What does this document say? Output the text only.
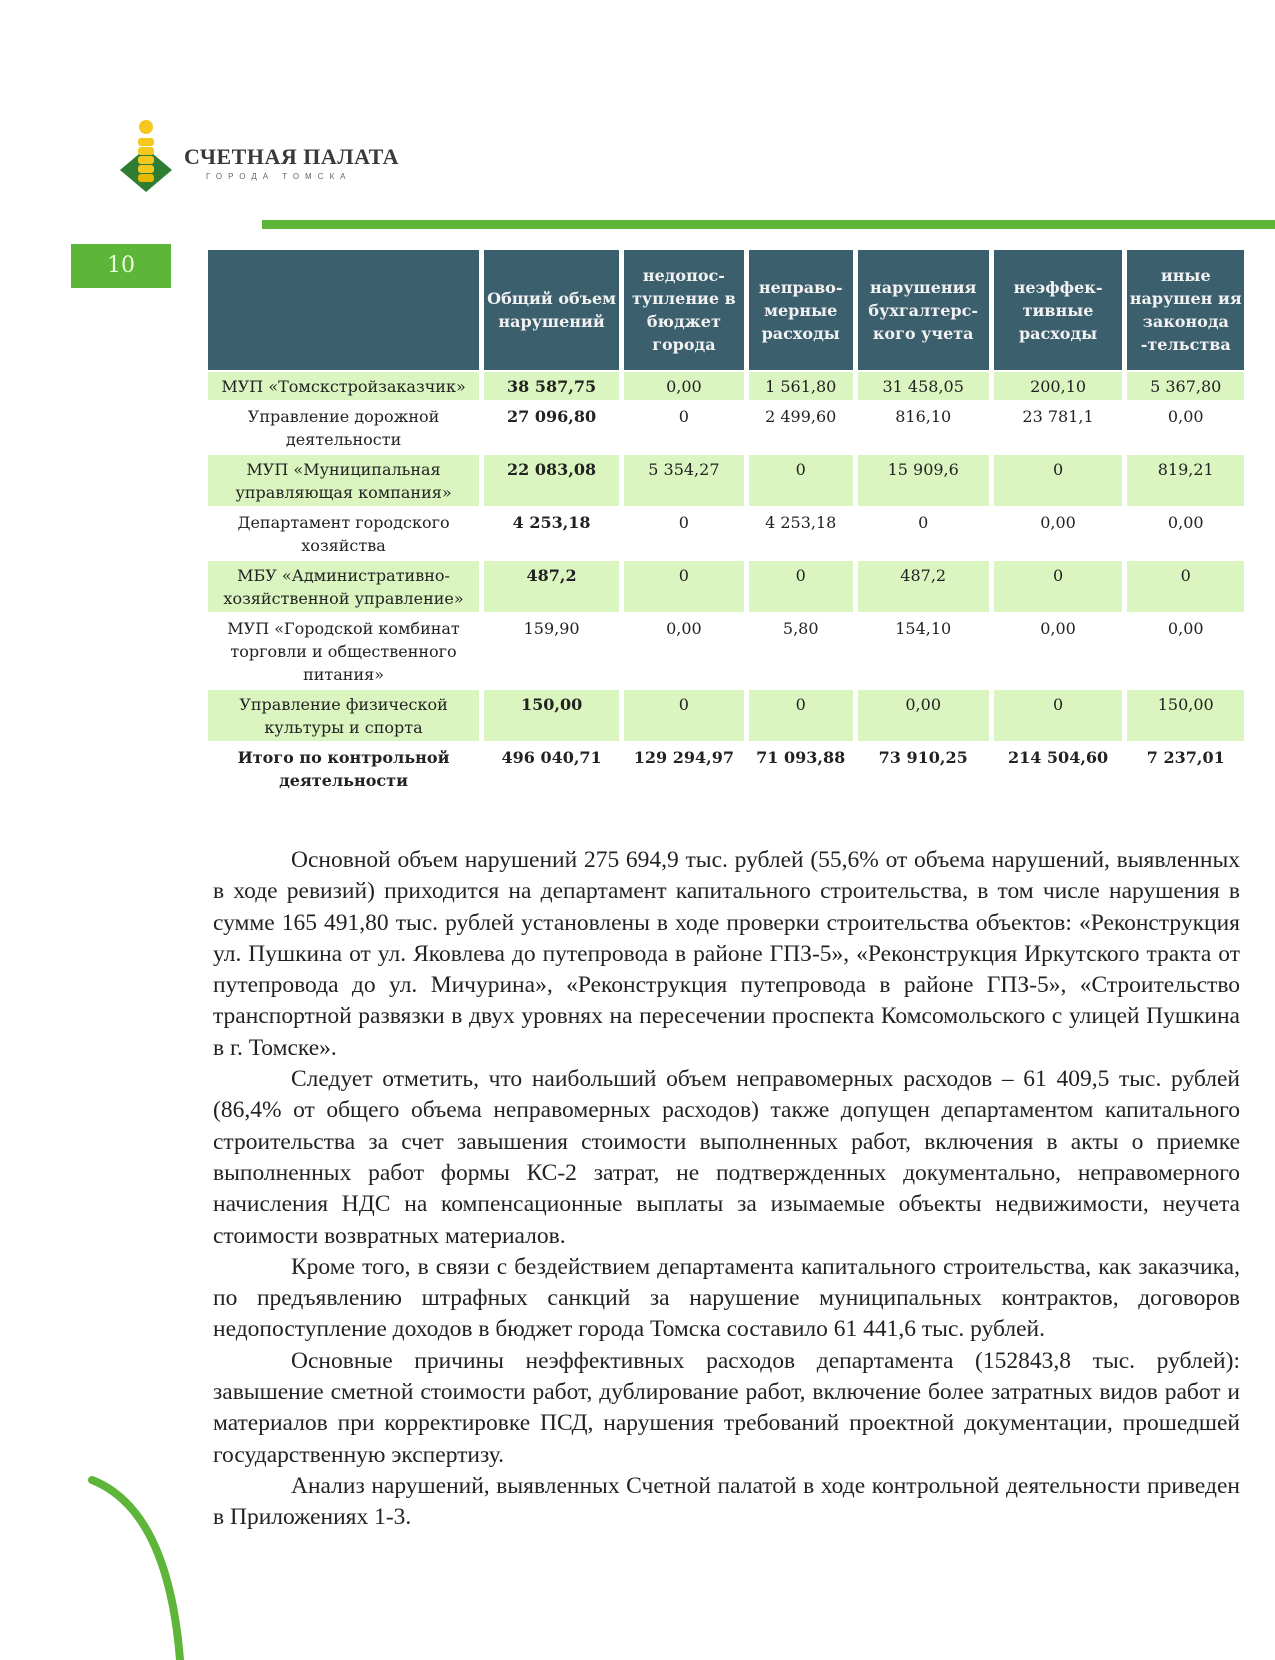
СЧЕТНАЯ ПАЛАТА
ГОРОДА ТОМСКА
10
	Общий объем нарушений	недопос-тупление в бюджет города	неправо-мерные расходы	нарушения бухгалтерс-кого учета	неэффек-тивные расходы	иные нарушен ия законода -тельства
МУП «Томскстройзаказчик»	38 587,75	0,00	1 561,80	31 458,05	200,10	5 367,80
Управление дорожной деятельности	27 096,80	0	2 499,60	816,10	23 781,1	0,00
МУП «Муниципальная управляющая компания»	22 083,08	5 354,27	0	15 909,6	0	819,21
Департамент городского хозяйства	4 253,18	0	4 253,18	0	0,00	0,00
МБУ «Административно-хозяйственной управление»	487,2	0	0	487,2	0	0
МУП «Городской комбинат торговли и общественного питания»	159,90	0,00	5,80	154,10	0,00	0,00
Управление физической культуры и спорта	150,00	0	0	0,00	0	150,00
Итого по контрольной деятельности	496 040,71	129 294,97	71 093,88	73 910,25	214 504,60	7 237,01

Основной объем нарушений 275 694,9 тыс. рублей (55,6% от объема нарушений, выявленных в ходе ревизий) приходится на департамент капитального строительства, в том числе нарушения в сумме 165 491,80 тыс. рублей установлены в ходе проверки строительства объектов: «Реконструкция ул. Пушкина от ул. Яковлева до путепровода в районе ГПЗ-5», «Реконструкция Иркутского тракта от путепровода до ул. Мичурина», «Реконструкция путепровода в районе ГПЗ-5», «Строительство транспортной развязки в двух уровнях на пересечении проспекта Комсомольского с улицей Пушкина в г. Томске».

Следует отметить, что наибольший объем неправомерных расходов – 61 409,5 тыс. рублей (86,4% от общего объема неправомерных расходов) также допущен департаментом капитального строительства за счет завышения стоимости выполненных работ, включения в акты о приемке выполненных работ формы КС-2 затрат, не подтвержденных документально, неправомерного начисления НДС на компенсационные выплаты за изымаемые объекты недвижимости, неучета стоимости возвратных материалов.

Кроме того, в связи с бездействием департамента капитального строительства, как заказчика, по предъявлению штрафных санкций за нарушение муниципальных контрактов, договоров недопоступление доходов в бюджет города Томска составило 61 441,6 тыс. рублей.

Основные причины неэффективных расходов департамента (152843,8 тыс. рублей): завышение сметной стоимости работ, дублирование работ, включение более затратных видов работ и материалов при корректировке ПСД, нарушения требований проектной документации, прошедшей государственную экспертизу.

Анализ нарушений, выявленных Счетной палатой в ходе контрольной деятельности приведен в Приложениях 1-3.
